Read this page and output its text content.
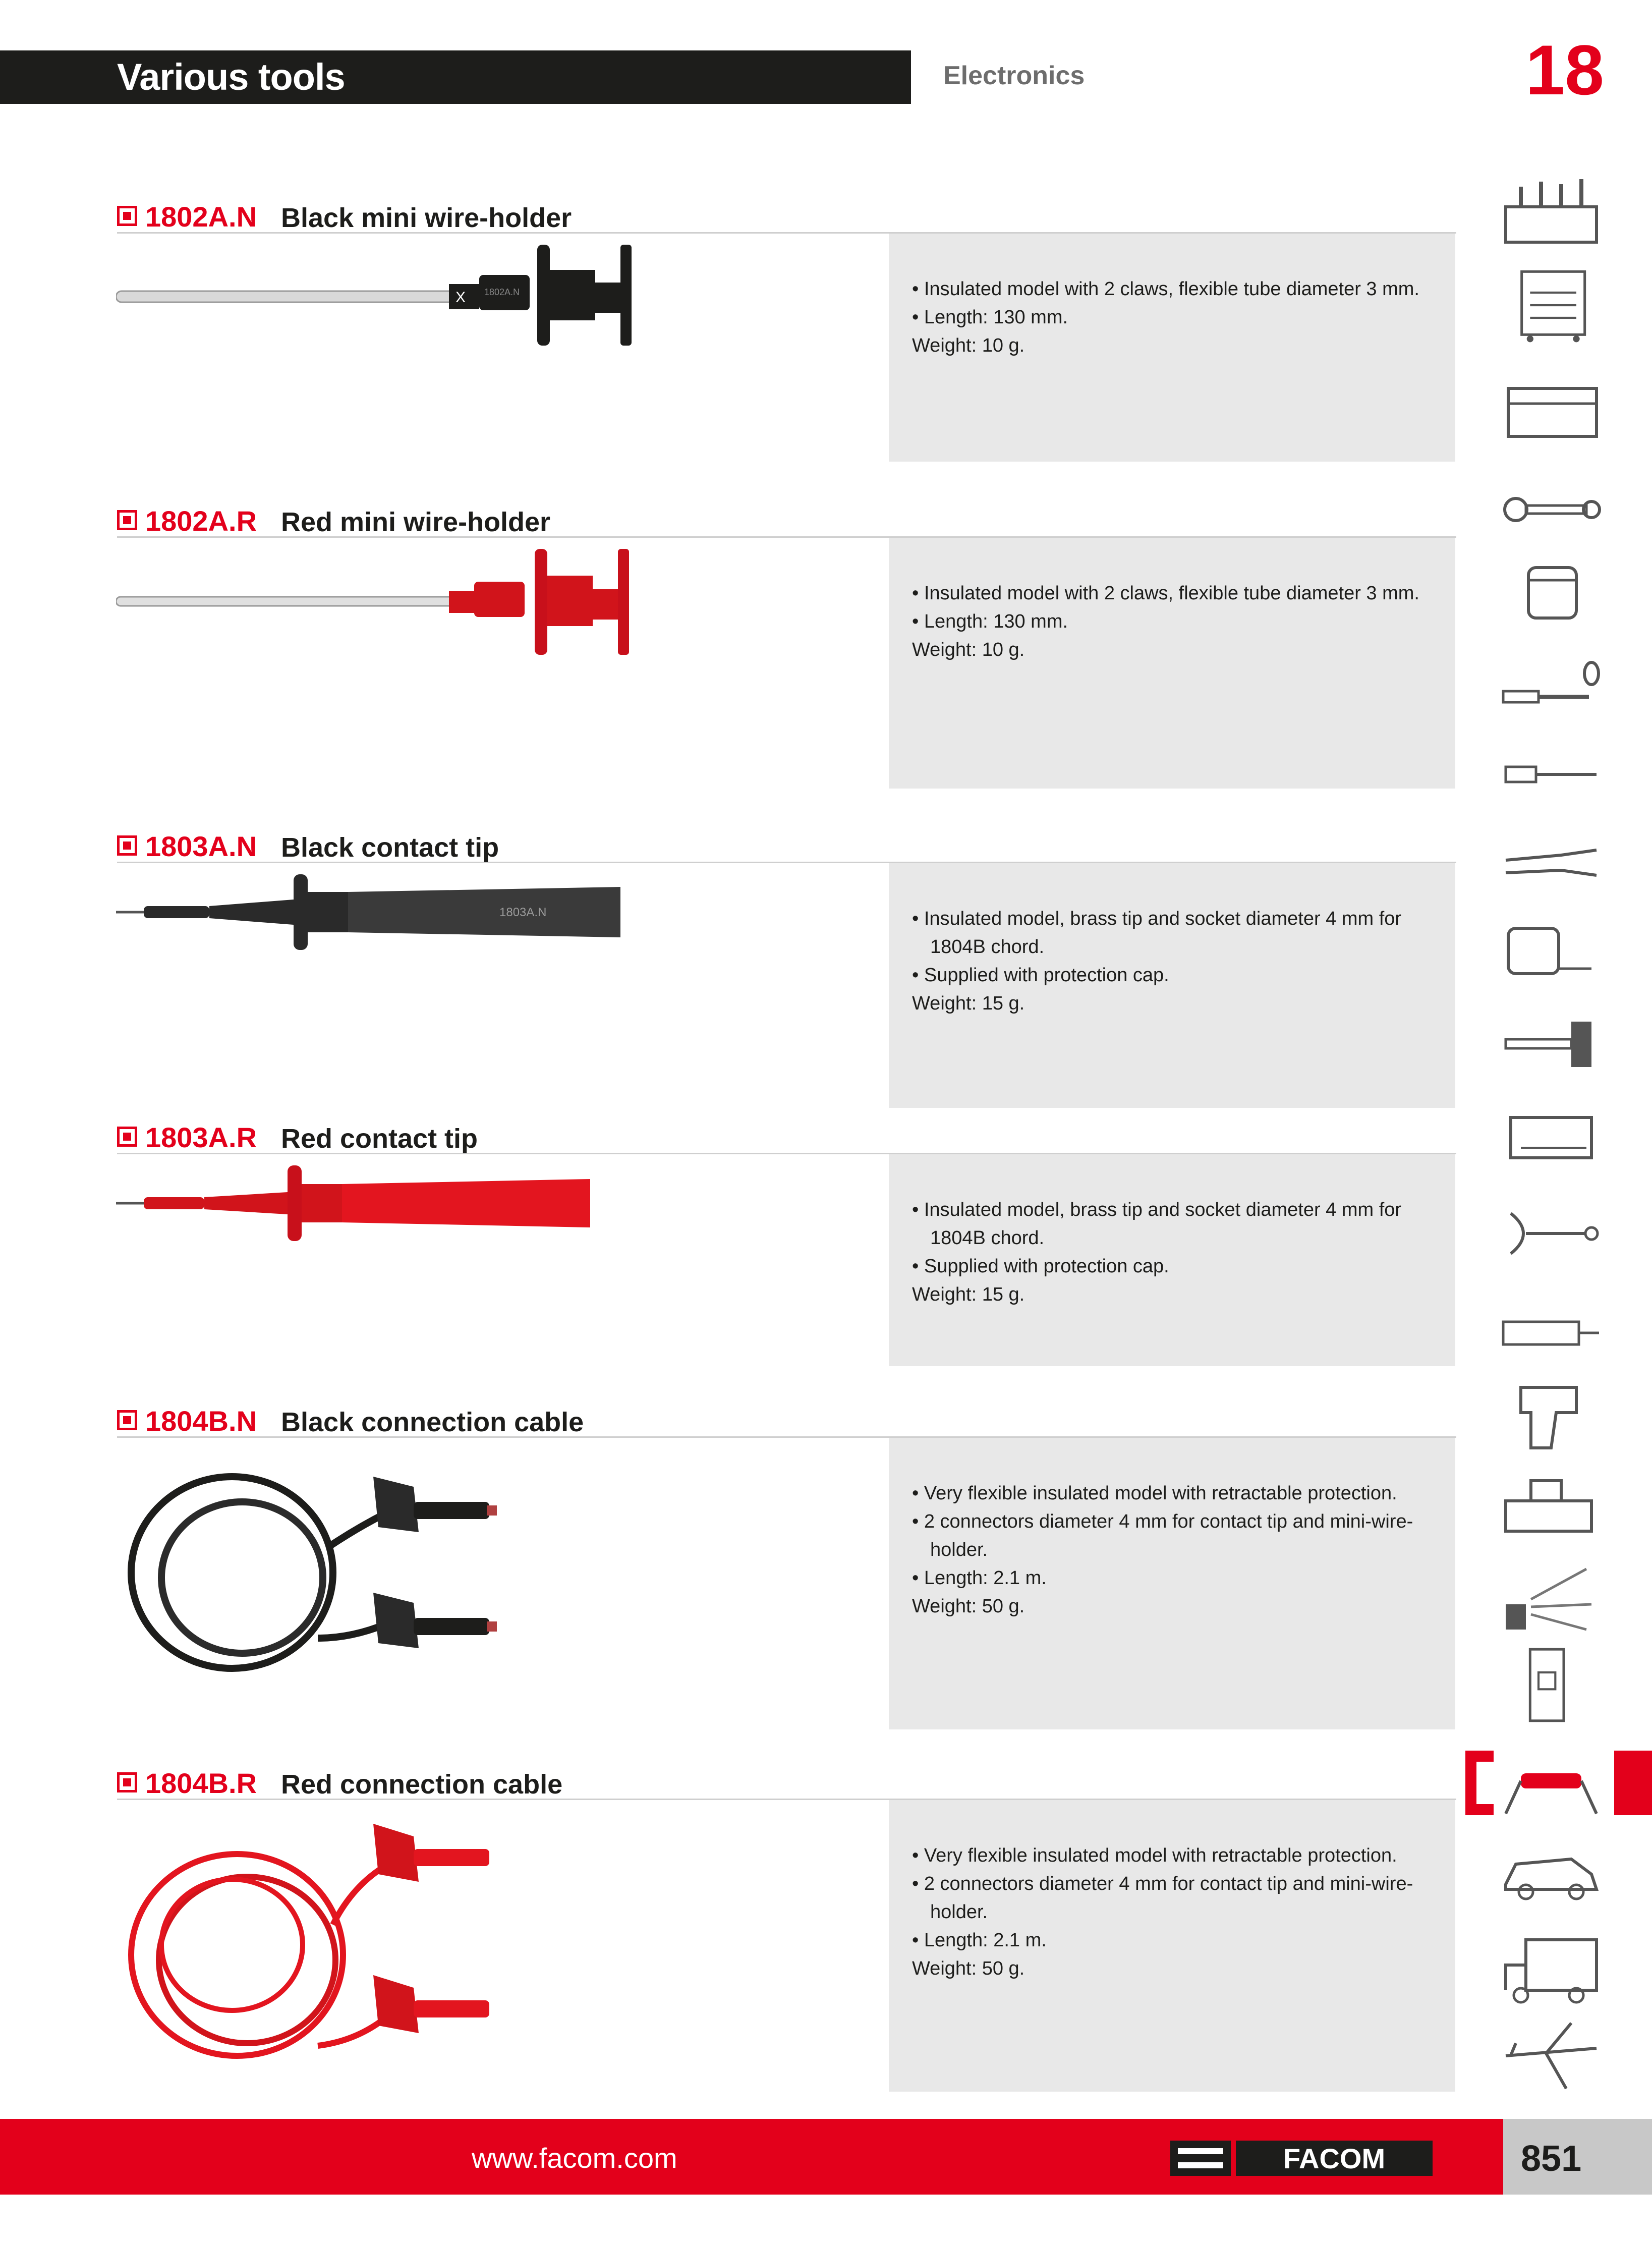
Various tools	Electronics	18
1802A.N Black mini wire-holder
• Insulated model with 2 claws, flexible tube diameter 3 mm.
• Length: 130 mm.
Weight: 10 g.
X 1802A.N
1802A.R Red mini wire-holder
• Insulated model with 2 claws, flexible tube diameter 3 mm.
• Length: 130 mm.
Weight: 10 g.
1803A.N Black contact tip
• Insulated model, brass tip and socket diameter 4 mm for
1804B chord.
• Supplied with protection cap.
Weight: 15 g.
1803A.N
1803A.R Red contact tip
• Insulated model, brass tip and socket diameter 4 mm for
1804B chord.
• Supplied with protection cap.
Weight: 15 g.
1804B.N Black connection cable
• Very flexible insulated model with retractable protection.
• 2 connectors diameter 4 mm for contact tip and mini-wire-
holder.
• Length: 2.1 m.
Weight: 50 g.
1804B.R Red connection cable
• Very flexible insulated model with retractable protection.
• 2 connectors diameter 4 mm for contact tip and mini-wire-
holder.
• Length: 2.1 m.
Weight: 50 g.
www.facom.com	FACOM	851
